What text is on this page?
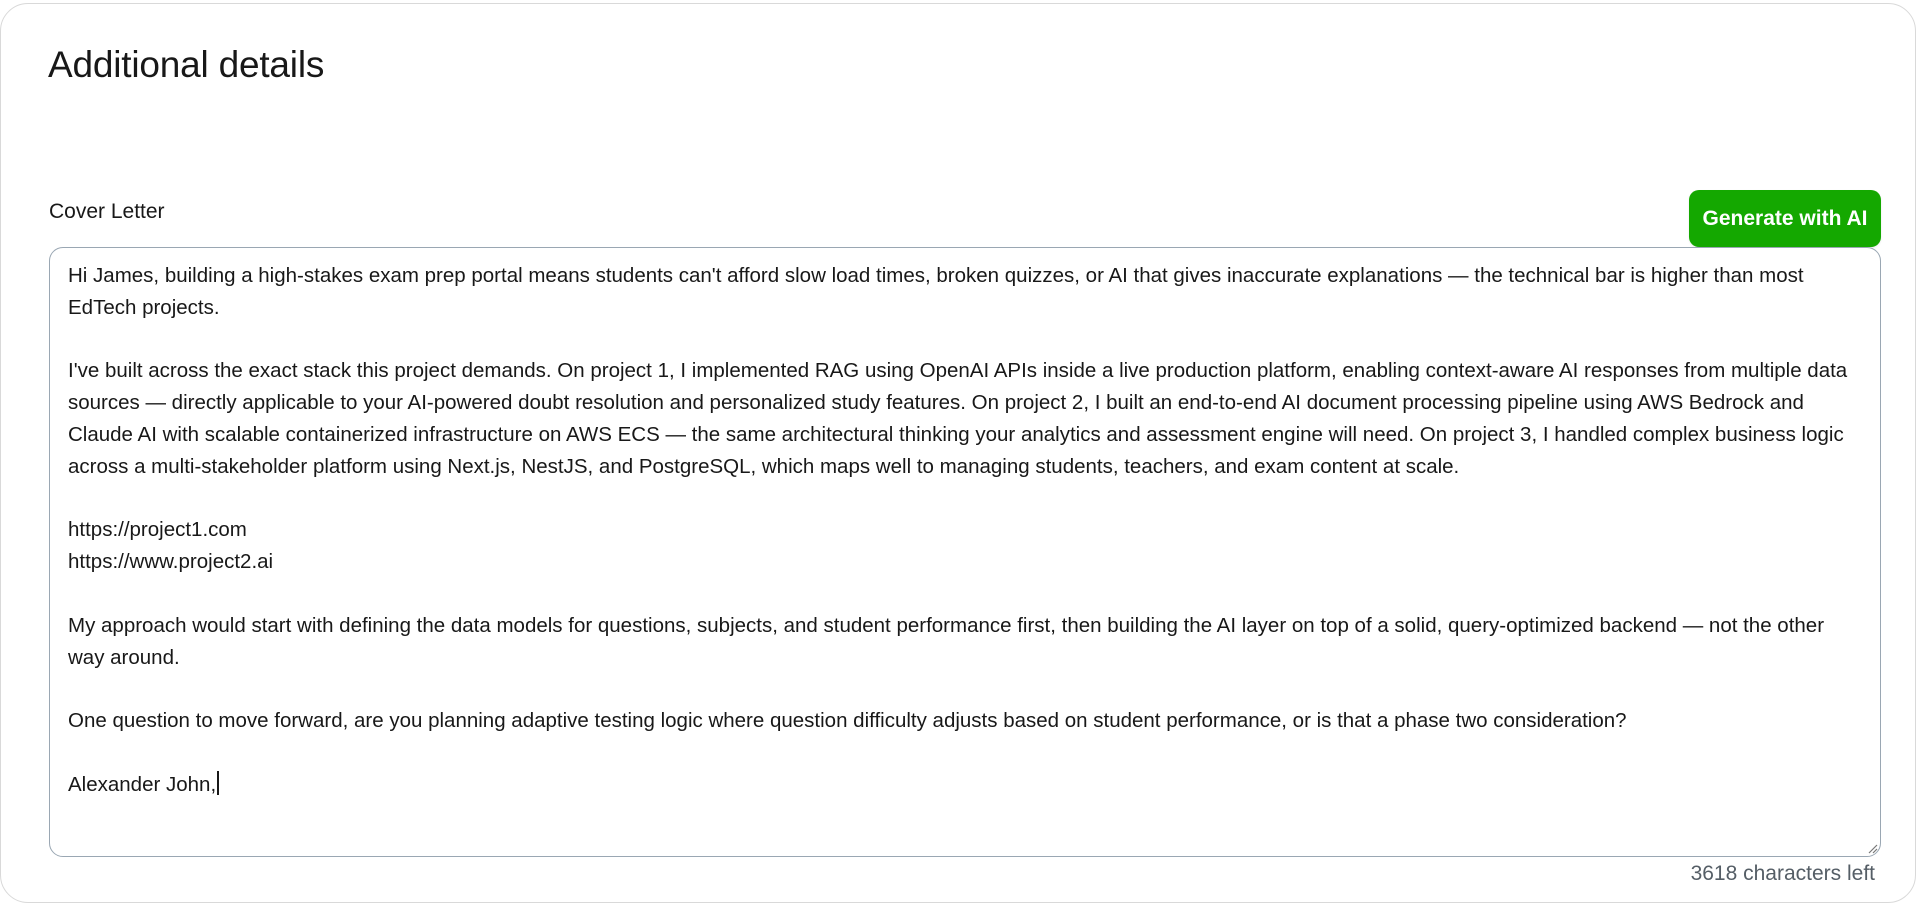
Additional details
Cover Letter	Generate with AI
Hi James, building a high-stakes exam prep portal means students can't afford slow load times, broken quizzes, or AI that gives inaccurate explanations — the technical bar is higher than most EdTech projects.

I've built across the exact stack this project demands. On project 1, I implemented RAG using OpenAI APIs inside a live production platform, enabling context-aware AI responses from multiple data sources — directly applicable to your AI-powered doubt resolution and personalized study features. On project 2, I built an end-to-end AI document processing pipeline using AWS Bedrock and Claude AI with scalable containerized infrastructure on AWS ECS — the same architectural thinking your analytics and assessment engine will need. On project 3, I handled complex business logic across a multi-stakeholder platform using Next.js, NestJS, and PostgreSQL, which maps well to managing students, teachers, and exam content at scale.

https://project1.com
https://www.project2.ai

My approach would start with defining the data models for questions, subjects, and student performance first, then building the AI layer on top of a solid, query-optimized backend — not the other way around.

One question to move forward, are you planning adaptive testing logic where question difficulty adjusts based on student performance, or is that a phase two consideration?

Alexander John,
3618 characters left
